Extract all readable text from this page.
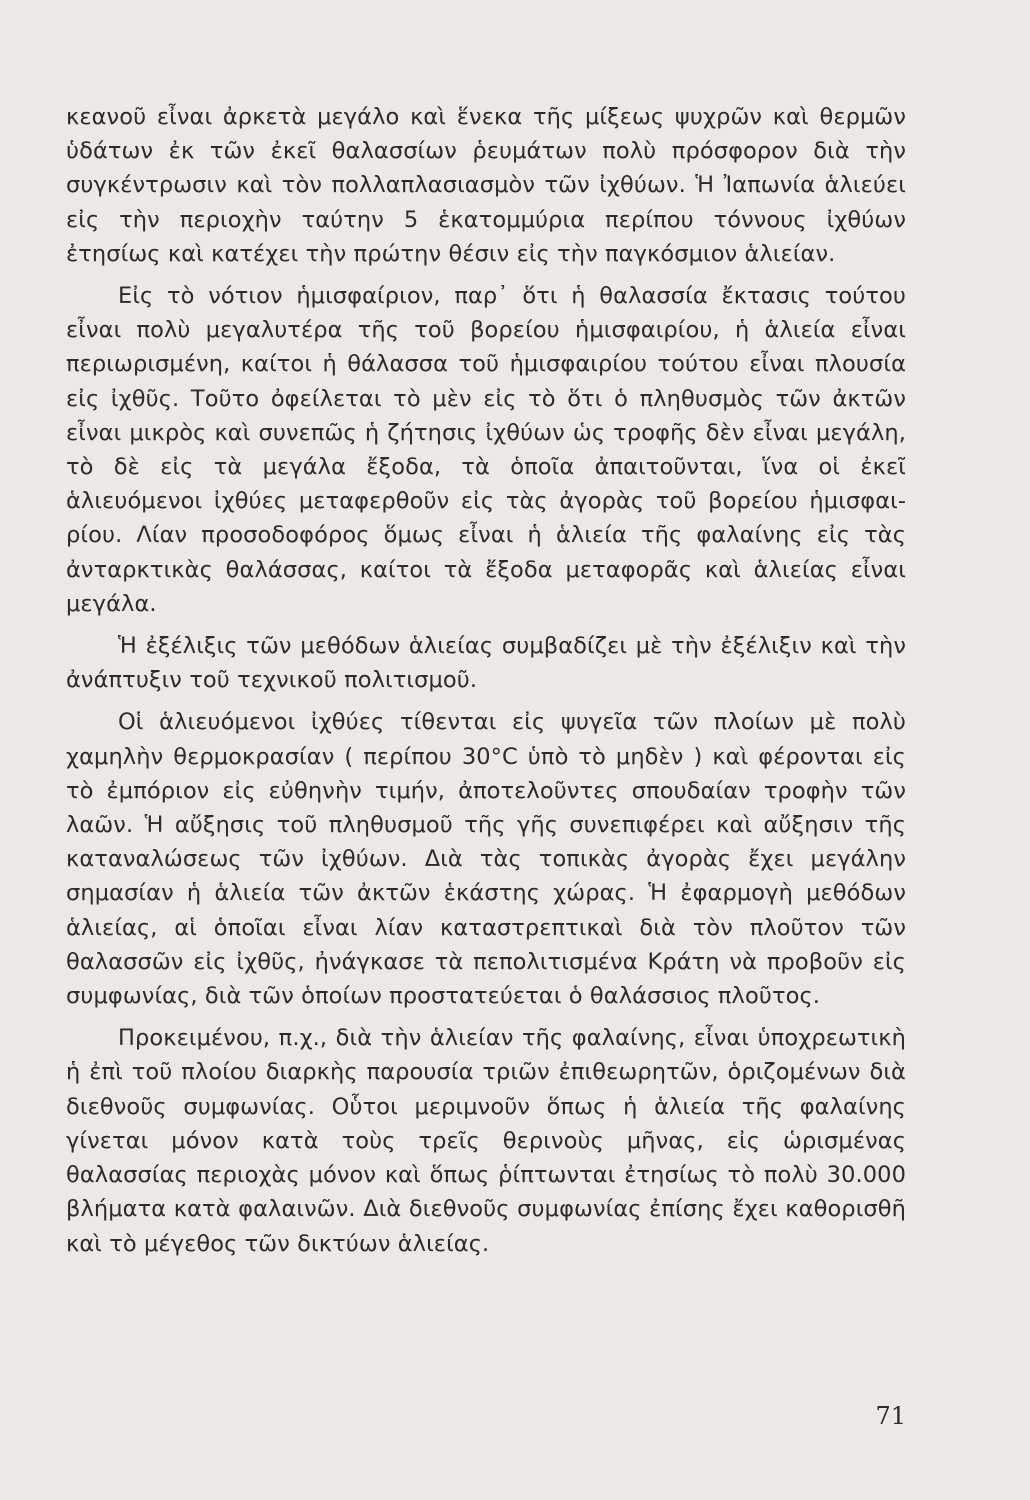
κεανοῦ εἶναι ἀρκετὰ μεγάλο καὶ ἕνεκα τῆς μίξεως ψυχρῶν καὶ θερμῶν ὑδάτων ἐκ τῶν ἐκεῖ θαλασσίων ῥευμάτων πολὺ πρόσφορον διὰ τὴν συγκέντρωσιν καὶ τὸν πολλαπλασιασμὸν τῶν ἰχθύων. Ἡ Ἰαπωνία ἁλιεύει εἰς τὴν περιοχὴν ταύτην 5 ἑκατομμύρια περίπου τόννους ἰχθύων ἐτησίως καὶ κατέχει τὴν πρώτην θέσιν εἰς τὴν παγκόσμιον ἁλιείαν.

Εἰς τὸ νότιον ἡμισφαίριον, παρ᾽ ὅτι ἡ θαλασσία ἔκτασις τούτου εἶναι πολὺ μεγαλυτέρα τῆς τοῦ βορείου ἡμισφαιρίου, ἡ ἁλιεία εἶναι περιωρισμένη, καίτοι ἡ θάλασσα τοῦ ἡμισφαιρίου τούτου εἶναι πλουσία εἰς ἰχθῦς. Τοῦτο ὀφείλεται τὸ μὲν εἰς τὸ ὅτι ὁ πληθυσμὸς τῶν ἀκτῶν εἶναι μικρὸς καὶ συνεπῶς ἡ ζήτησις ἰχθύων ὡς τροφῆς δὲν εἶναι μεγάλη, τὸ δὲ εἰς τὰ μεγάλα ἔξοδα, τὰ ὁποῖα ἀπαιτοῦνται, ἵνα οἱ ἐκεῖ ἁλιευόμενοι ἰχθύες μεταφερθοῦν εἰς τὰς ἀγορὰς τοῦ βορείου ἡμισφαιρίου. Λίαν προσοδοφόρος ὅμως εἶναι ἡ ἁλιεία τῆς φαλαίνης εἰς τὰς ἀνταρκτικὰς θαλάσσας, καίτοι τὰ ἔξοδα μεταφορᾶς καὶ ἁλιείας εἶναι μεγάλα.

Ἡ ἐξέλιξις τῶν μεθόδων ἁλιείας συμβαδίζει μὲ τὴν ἐξέλιξιν καὶ τὴν ἀνάπτυξιν τοῦ τεχνικοῦ πολιτισμοῦ.

Οἱ ἁλιευόμενοι ἰχθύες τίθενται εἰς ψυγεῖα τῶν πλοίων μὲ πολὺ χαμηλὴν θερμοκρασίαν ( περίπου 30°C ὑπὸ τὸ μηδὲν ) καὶ φέρονται εἰς τὸ ἐμπόριον εἰς εὐθηνὴν τιμήν, ἀποτελοῦντες σπουδαίαν τροφὴν τῶν λαῶν. Ἡ αὔξησις τοῦ πληθυσμοῦ τῆς γῆς συνεπιφέρει καὶ αὔξησιν τῆς καταναλώσεως τῶν ἰχθύων. Διὰ τὰς τοπικὰς ἀγορὰς ἔχει μεγάλην σημασίαν ἡ ἁλιεία τῶν ἀκτῶν ἑκάστης χώρας. Ἡ ἐφαρμογὴ μεθόδων ἁλιείας, αἱ ὁποῖαι εἶναι λίαν καταστρεπτικαὶ διὰ τὸν πλοῦτον τῶν θαλασσῶν εἰς ἰχθῦς, ἠνάγκασε τὰ πεπολιτισμένα Κράτη νὰ προβοῦν εἰς συμφωνίας, διὰ τῶν ὁποίων προστατεύεται ὁ θαλάσσιος πλοῦτος.

Προκειμένου, π.χ., διὰ τὴν ἁλιείαν τῆς φαλαίνης, εἶναι ὑποχρεωτικὴ ἡ ἐπὶ τοῦ πλοίου διαρκὴς παρουσία τριῶν ἐπιθεωρητῶν, ὁριζομένων διὰ διεθνοῦς συμφωνίας. Οὗτοι μεριμνοῦν ὅπως ἡ ἁλιεία τῆς φαλαίνης γίνεται μόνον κατὰ τοὺς τρεῖς θερινοὺς μῆνας, εἰς ὡρισμένας θαλασσίας περιοχὰς μόνον καὶ ὅπως ῥίπτωνται ἐτησίως τὸ πολὺ 30.000 βλήματα κατὰ φαλαινῶν. Διὰ διεθνοῦς συμφωνίας ἐπίσης ἔχει καθορισθῆ καὶ τὸ μέγεθος τῶν δικτύων ἁλιείας.

71
